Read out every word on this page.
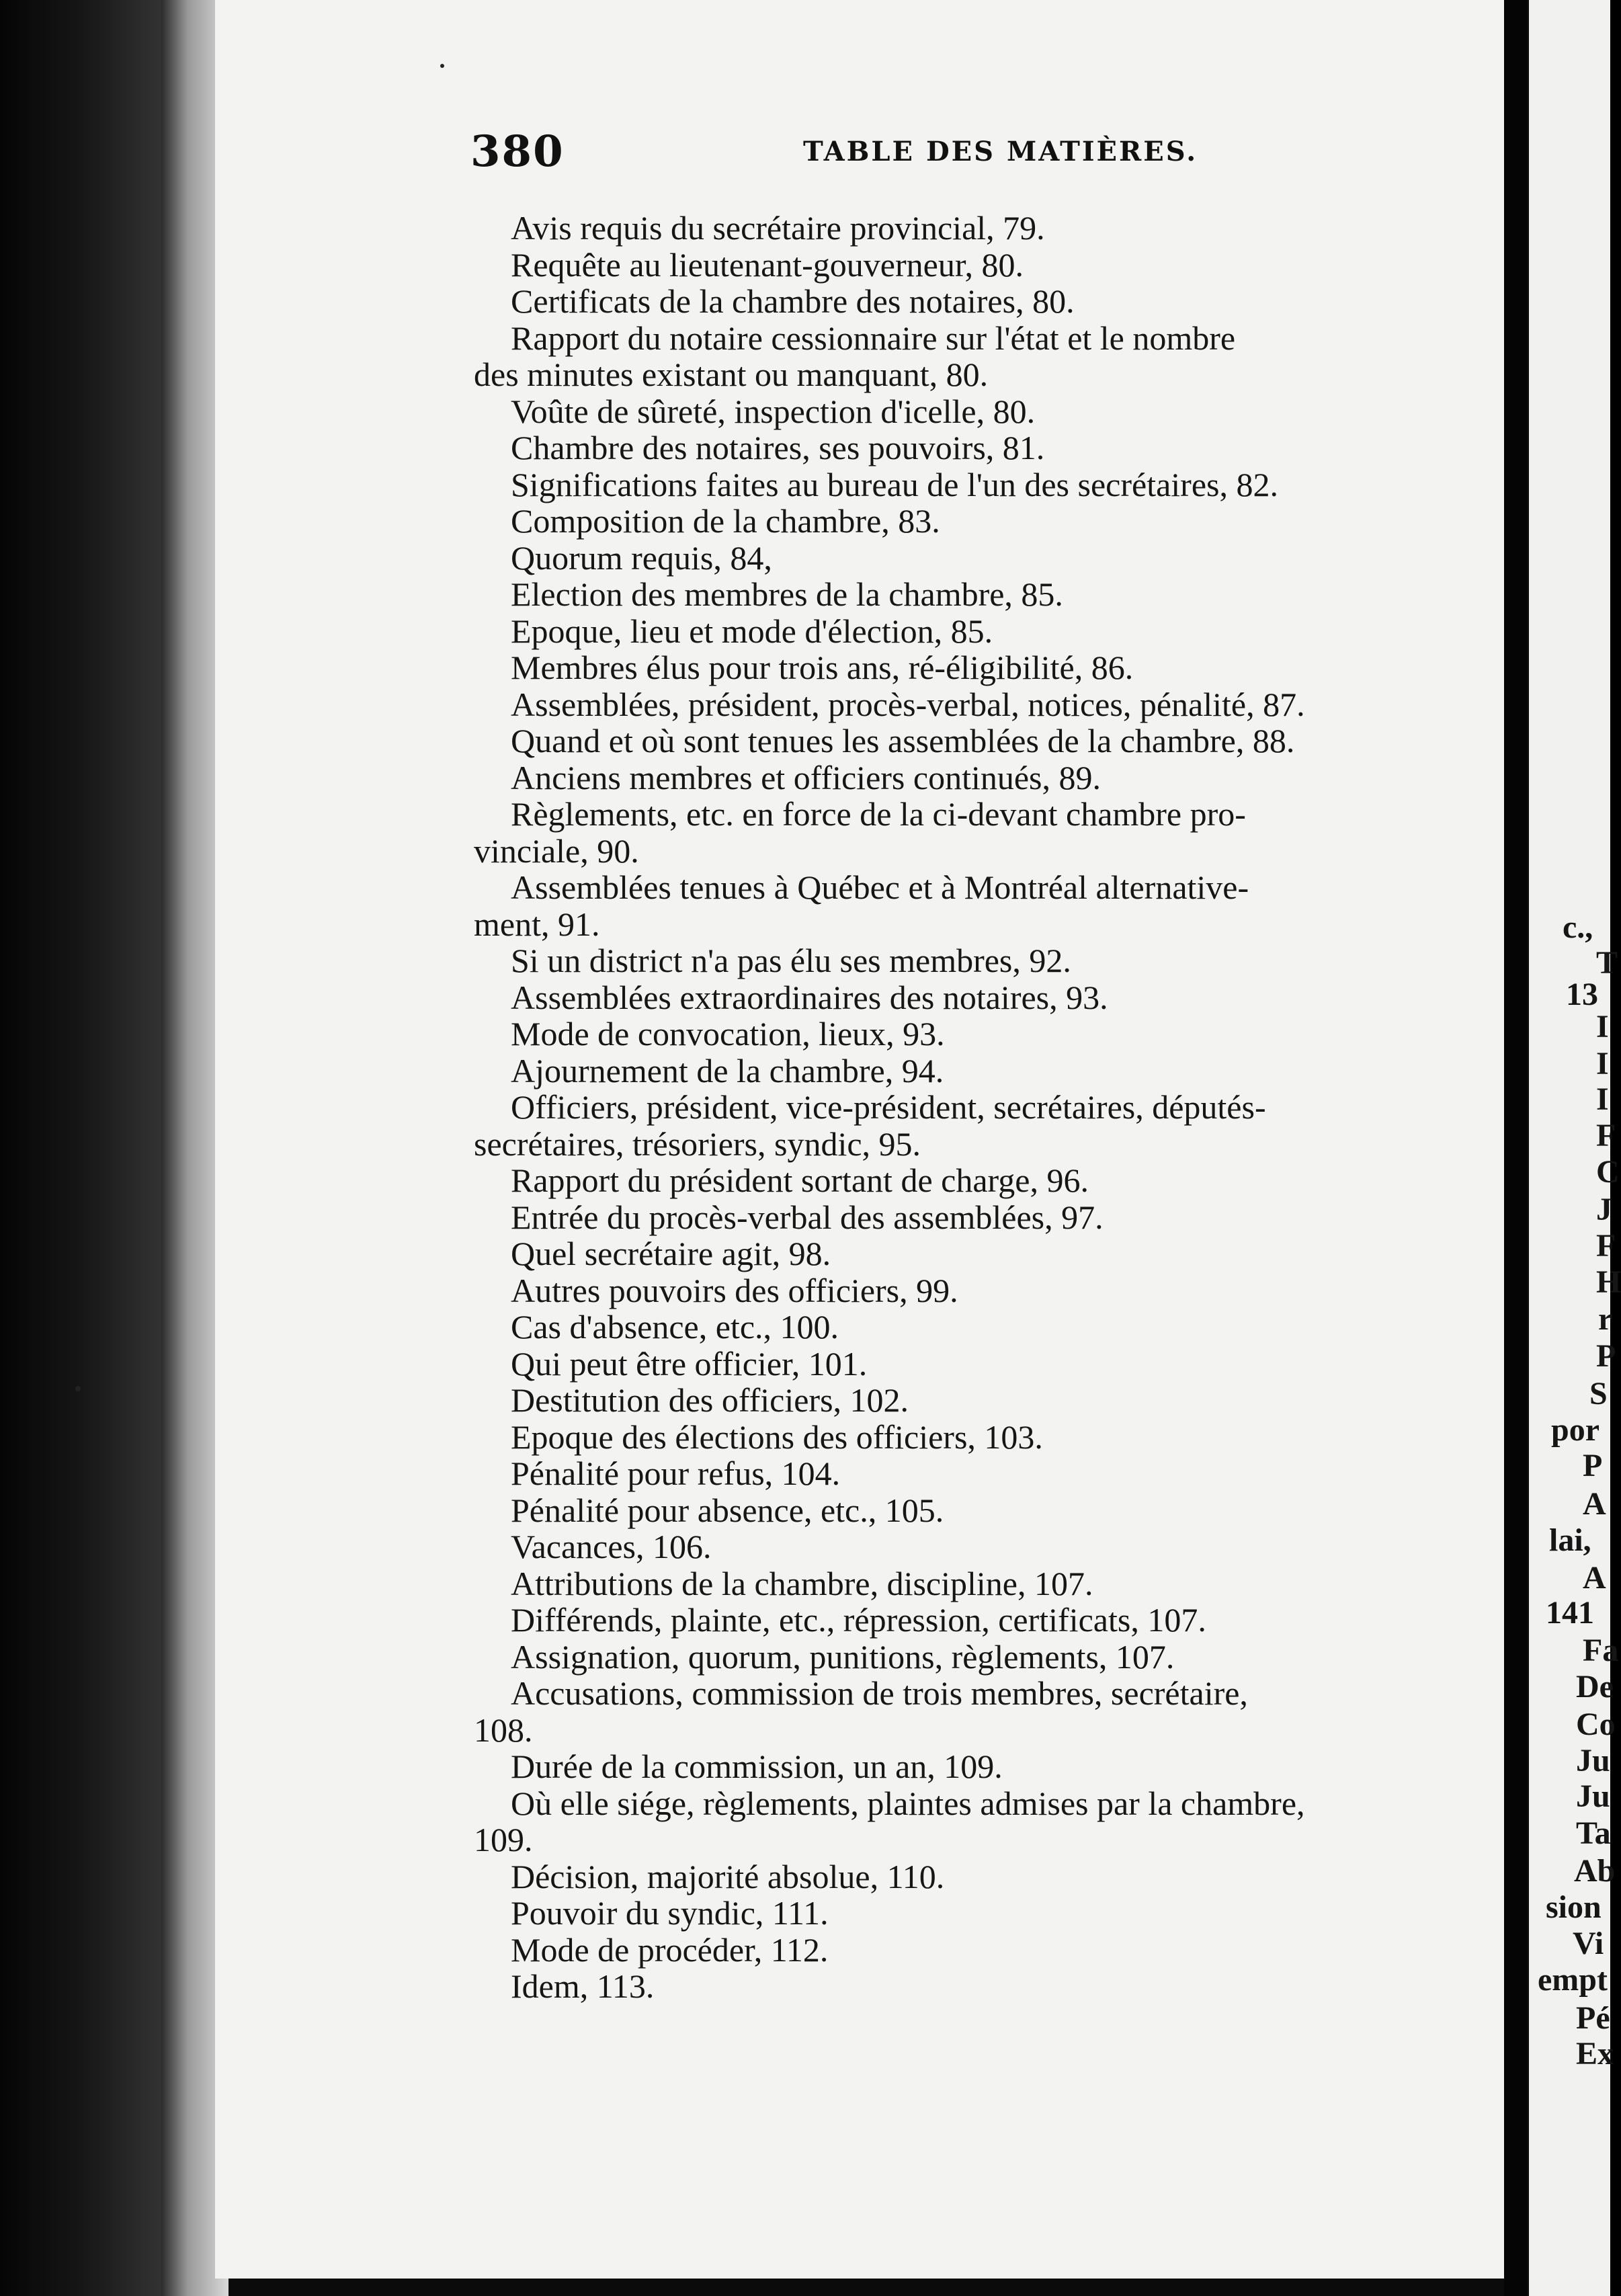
380	TABLE DES MATIÈRES.

Avis requis du secrétaire provincial, 79.

Requête au lieutenant-gouverneur, 80.

Certificats de la chambre des notaires, 80.

Rapport du notaire cessionnaire sur l'état et le nombre

des minutes existant ou manquant, 80.

Voûte de sûreté, inspection d'icelle, 80.

Chambre des notaires, ses pouvoirs, 81.

Significations faites au bureau de l'un des secrétaires, 82.

Composition de la chambre, 83.

Quorum requis, 84,

Election des membres de la chambre, 85.

Epoque, lieu et mode d'élection, 85.

Membres élus pour trois ans, ré-éligibilité, 86.

Assemblées, président, procès-verbal, notices, pénalité, 87.

Quand et où sont tenues les assemblées de la chambre, 88.

Anciens membres et officiers continués, 89.

Règlements, etc. en force de la ci-devant chambre pro-

vinciale, 90.

Assemblées tenues à Québec et à Montréal alternative-

ment, 91.

Si un district n'a pas élu ses membres, 92.

Assemblées extraordinaires des notaires, 93.

Mode de convocation, lieux, 93.

Ajournement de la chambre, 94.

Officiers, président, vice-président, secrétaires, députés-

secrétaires, trésoriers, syndic, 95.

Rapport du président sortant de charge, 96.

Entrée du procès-verbal des assemblées, 97.

Quel secrétaire agit, 98.

Autres pouvoirs des officiers, 99.

Cas d'absence, etc., 100.

Qui peut être officier, 101.

Destitution des officiers, 102.

Epoque des élections des officiers, 103.

Pénalité pour refus, 104.

Pénalité pour absence, etc., 105.

Vacances, 106.

Attributions de la chambre, discipline, 107.

Différends, plainte, etc., répression, certificats, 107.

Assignation, quorum, punitions, règlements, 107.

Accusations, commission de trois membres, secrétaire,

108.

Durée de la commission, un an, 109.

Où elle siége, règlements, plaintes admises par la chambre,

109.

Décision, majorité absolue, 110.

Pouvoir du syndic, 111.

Mode de procéder, 112.

Idem, 113.

c.,
T
13
I
I
I
F
C
J
F
H
r
P
S
por
P
A
lai,
A
141
Fa
De
Co
Ju
Ju
Ta
Ab
sion
Vi
empt
Pé
Ex
